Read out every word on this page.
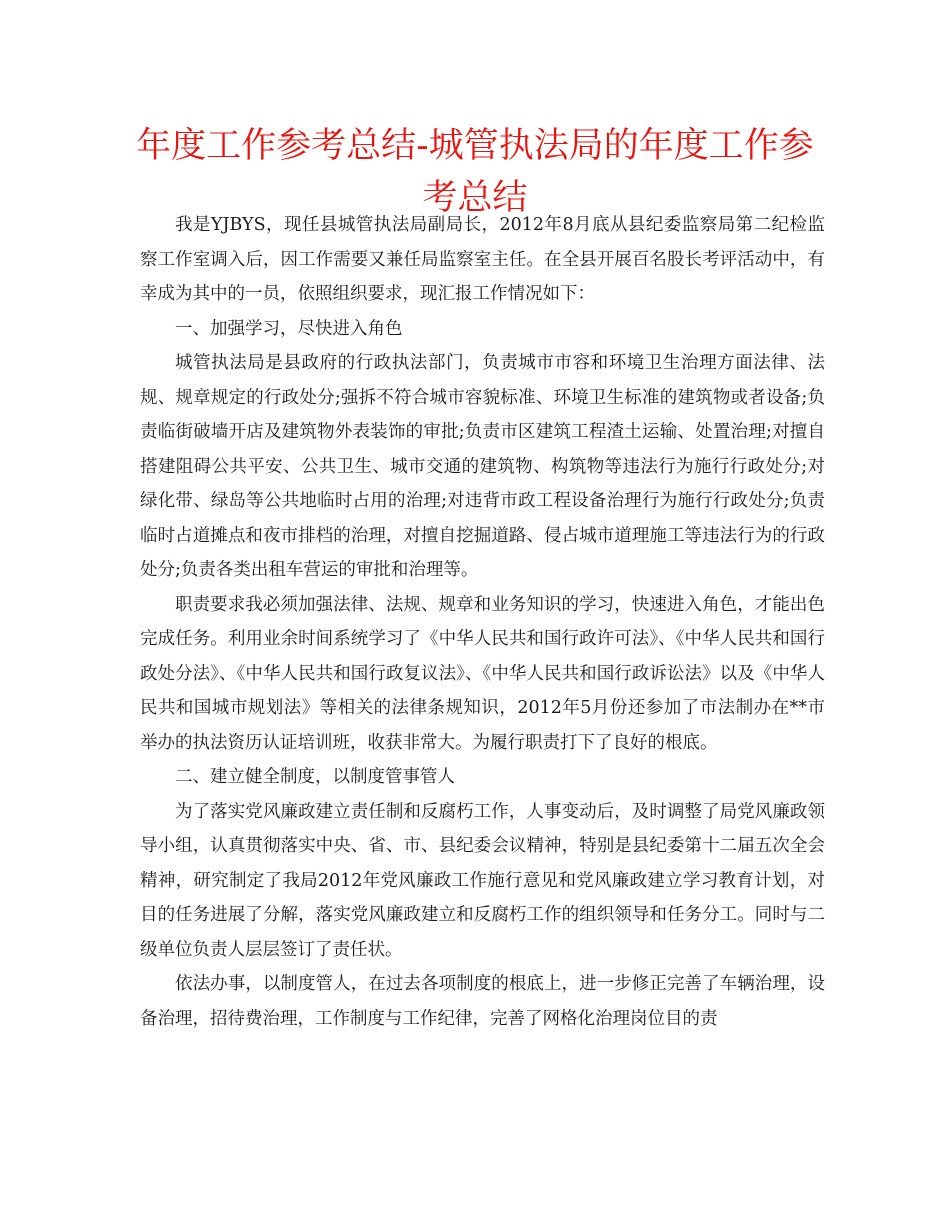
年度工作参考总结-城管执法局的年度工作参考总结

我是YJBYS，现任县城管执法局副局长，2012年8月底从县纪委监察局第二纪检监察工作室调入后，因工作需要又兼任局监察室主任。在全县开展百名股长考评活动中，有幸成为其中的一员，依照组织要求，现汇报工作情况如下：

一、加强学习，尽快进入角色

城管执法局是县政府的行政执法部门，负责城市市容和环境卫生治理方面法律、法规、规章规定的行政处分;强拆不符合城市容貌标准、环境卫生标准的建筑物或者设备;负责临街破墙开店及建筑物外表装饰的审批;负责市区建筑工程渣土运输、处置治理;对擅自搭建阻碍公共平安、公共卫生、城市交通的建筑物、构筑物等违法行为施行行政处分;对绿化带、绿岛等公共地临时占用的治理;对违背市政工程设备治理行为施行行政处分;负责临时占道摊点和夜市排档的治理，对擅自挖掘道路、侵占城市道理施工等违法行为的行政处分;负责各类出租车营运的审批和治理等。

职责要求我必须加强法律、法规、规章和业务知识的学习，快速进入角色，才能出色完成任务。利用业余时间系统学习了《中华人民共和国行政许可法》、《中华人民共和国行政处分法》、《中华人民共和国行政复议法》、《中华人民共和国行政诉讼法》以及《中华人民共和国城市规划法》等相关的法律条规知识，2012年5月份还参加了市法制办在**市举办的执法资历认证培训班，收获非常大。为履行职责打下了良好的根底。

二、建立健全制度，以制度管事管人

为了落实党风廉政建立责任制和反腐朽工作，人事变动后，及时调整了局党风廉政领导小组，认真贯彻落实中央、省、市、县纪委会议精神，特别是县纪委第十二届五次全会精神，研究制定了我局2012年党风廉政工作施行意见和党风廉政建立学习教育计划，对目的任务进展了分解，落实党风廉政建立和反腐朽工作的组织领导和任务分工。同时与二级单位负责人层层签订了责任状。

依法办事，以制度管人，在过去各项制度的根底上，进一步修正完善了车辆治理，设备治理，招待费治理，工作制度与工作纪律，完善了网格化治理岗位目的责
